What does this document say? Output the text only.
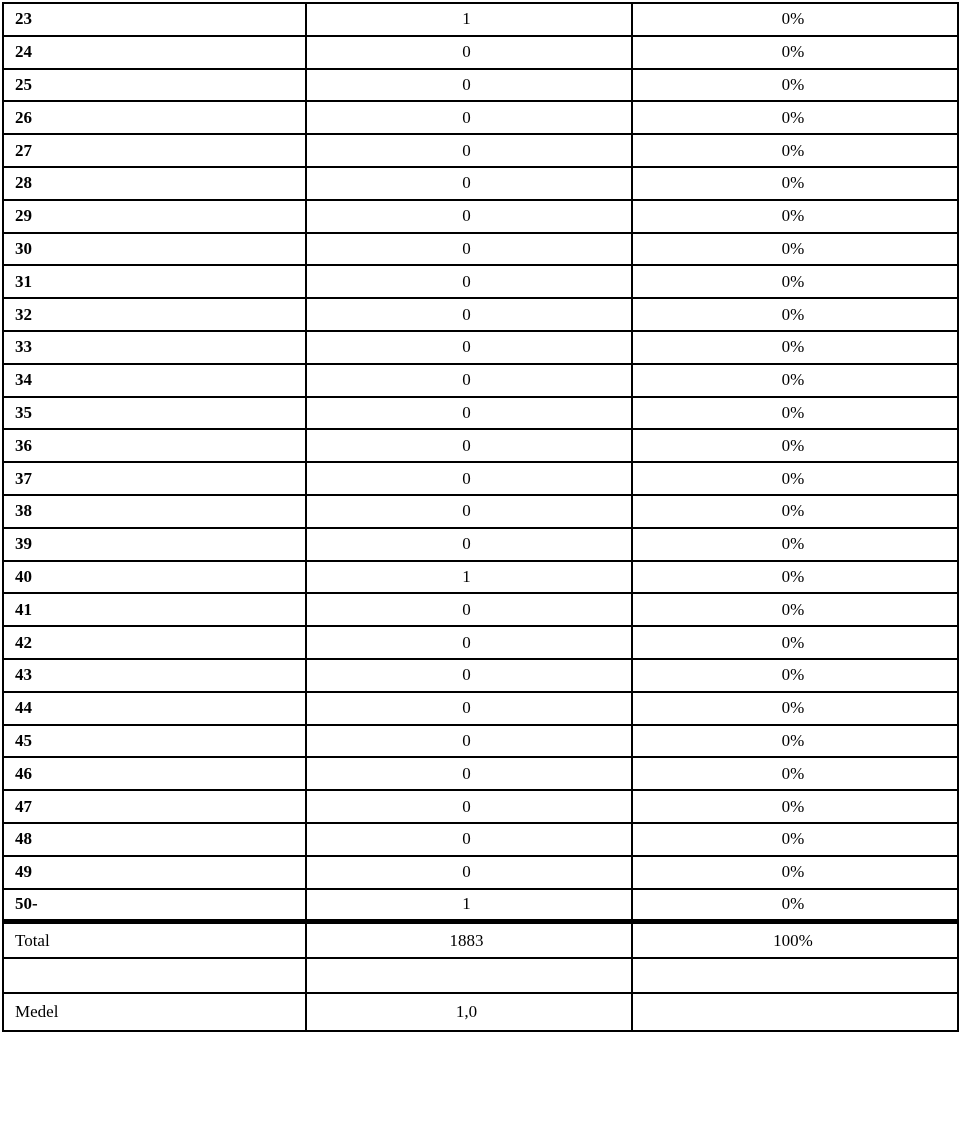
23	1	0%
24	0	0%
25	0	0%
26	0	0%
27	0	0%
28	0	0%
29	0	0%
30	0	0%
31	0	0%
32	0	0%
33	0	0%
34	0	0%
35	0	0%
36	0	0%
37	0	0%
38	0	0%
39	0	0%
40	1	0%
41	0	0%
42	0	0%
43	0	0%
44	0	0%
45	0	0%
46	0	0%
47	0	0%
48	0	0%
49	0	0%
50-	1	0%
Total	1883	100%

Medel	1,0	
